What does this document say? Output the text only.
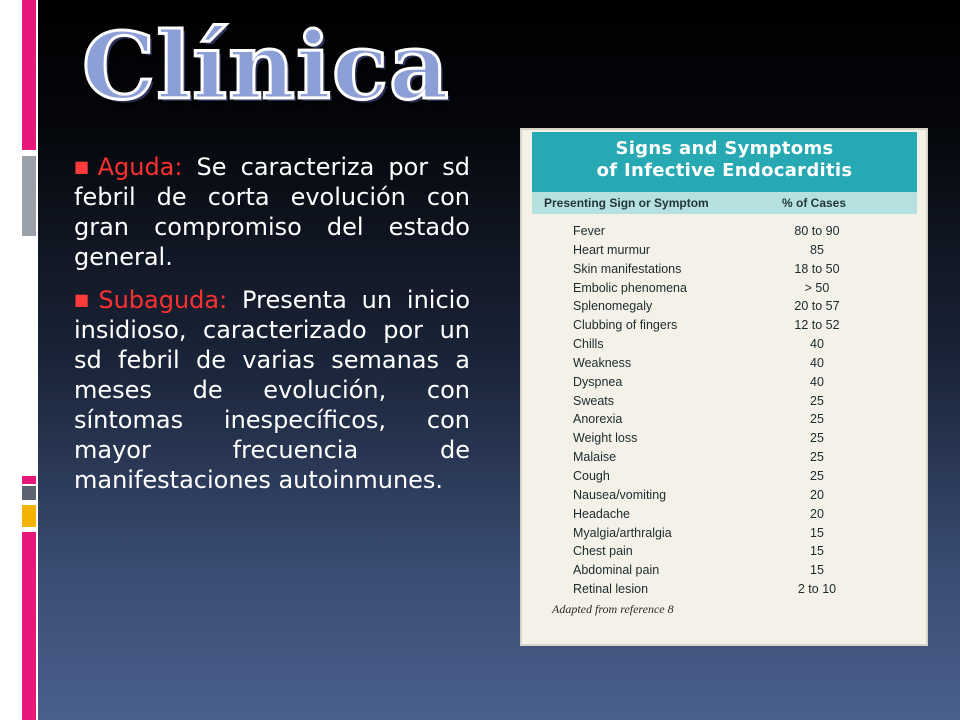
Clínica
■Aguda: Se caracteriza por sd febril de corta evolución con gran compromiso del estado general.
■Subaguda: Presenta un inicio insidioso, caracterizado por un sd febril de varias semanas a meses de evolución, con síntomas inespecíficos, con mayor frecuencia de manifestaciones autoinmunes.
Signs and Symptoms
of Infective Endocarditis
Presenting Sign or Symptom	% of Cases
Fever	80 to 90
Heart murmur	85
Skin manifestations	18 to 50
Embolic phenomena	> 50
Splenomegaly	20 to 57
Clubbing of fingers	12 to 52
Chills	40
Weakness	40
Dyspnea	40
Sweats	25
Anorexia	25
Weight loss	25
Malaise	25
Cough	25
Nausea/vomiting	20
Headache	20
Myalgia/arthralgia	15
Chest pain	15
Abdominal pain	15
Retinal lesion	2 to 10
Adapted from reference 8
